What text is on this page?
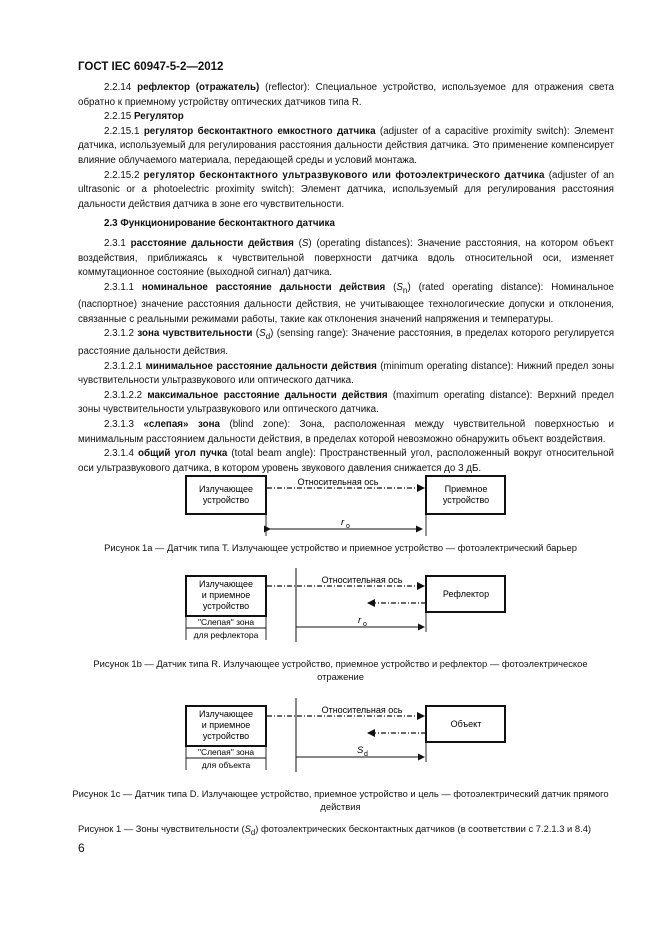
ГОСТ IEC 60947-5-2—2012

2.2.14 рефлектор (отражатель) (reflector): Специальное устройство, используемое для отражения света обратно к приемному устройству оптических датчиков типа R.

2.2.15 Регулятор

2.2.15.1 регулятор бесконтактного емкостного датчика (adjuster of a capacitive proximity switch): Элемент датчика, используемый для регулирования расстояния дальности действия датчика. Это применение компенсирует влияние облучаемого материала, передающей среды и условий монтажа.

2.2.15.2 регулятор бесконтактного ультразвукового или фотоэлектрического датчика (adjuster of an ultrasonic or a photoelectric proximity switch): Элемент датчика, используемый для регулирования расстояния дальности действия датчика в зоне его чувствительности.

2.3 Функционирование бесконтактного датчика

2.3.1 расстояние дальности действия (S) (operating distances): Значение расстояния, на котором объект воздействия, приближаясь к чувствительной поверхности датчика вдоль относительной оси, изменяет коммутационное состояние (выходной сигнал) датчика.

2.3.1.1 номинальное расстояние дальности действия $(S_n)$ (rated operating distance): Номинальное (паспортное) значение расстояния дальности действия, не учитывающее технологические допуски и отклонения, связанные с реальными режимами работы, такие как отклонения значений напряжения и температуры.

2.3.1.2 зона чувствительности $(S_d)$ (sensing range): Значение расстояния, в пределах которого регулируется расстояние дальности действия.

2.3.1.2.1 минимальное расстояние дальности действия (minimum operating distance): Нижний предел зоны чувствительности ультразвукового или оптического датчика.

2.3.1.2.2 максимальное расстояние дальности действия (maximum operating distance): Верхний предел зоны чувствительности ультразвукового или оптического датчика.

2.3.1.3 «слепая» зона (blind zone): Зона, расположенная между чувствительной поверхностью и минимальным расстоянием дальности действия, в пределах которой невозможно обнаружить объект воздействия.

2.3.1.4 общий угол пучка (total beam angle): Пространственный угол, расположенный вокруг относительной оси ультразвукового датчика, в котором уровень звукового давления снижается до 3 дБ.

Излучающее
устройство
Относительная ось
Приемное
устройство
r o
Рисунок 1a — Датчик типа T. Излучающее устройство и приемное устройство — фотоэлектрический барьер
Излучающее
и приемное
устройство
Относительная ось
Рефлектор
"Слепая" зона
для рефлектора
r o
Рисунок 1b — Датчик типа R. Излучающее устройство, приемное устройство и рефлектор — фотоэлектрическое отражение
Излучающее
и приемное
устройство
Относительная ось
Объект
"Слепая" зона
для объекта
S d
Рисунок 1c — Датчик типа D. Излучающее устройство, приемное устройство и цель — фотоэлектрический датчик прямого действия
Рисунок 1 — Зоны чувствительности $(S_d)$ фотоэлектрических бесконтактных датчиков (в соответствии с 7.2.1.3 и 8.4)
6
